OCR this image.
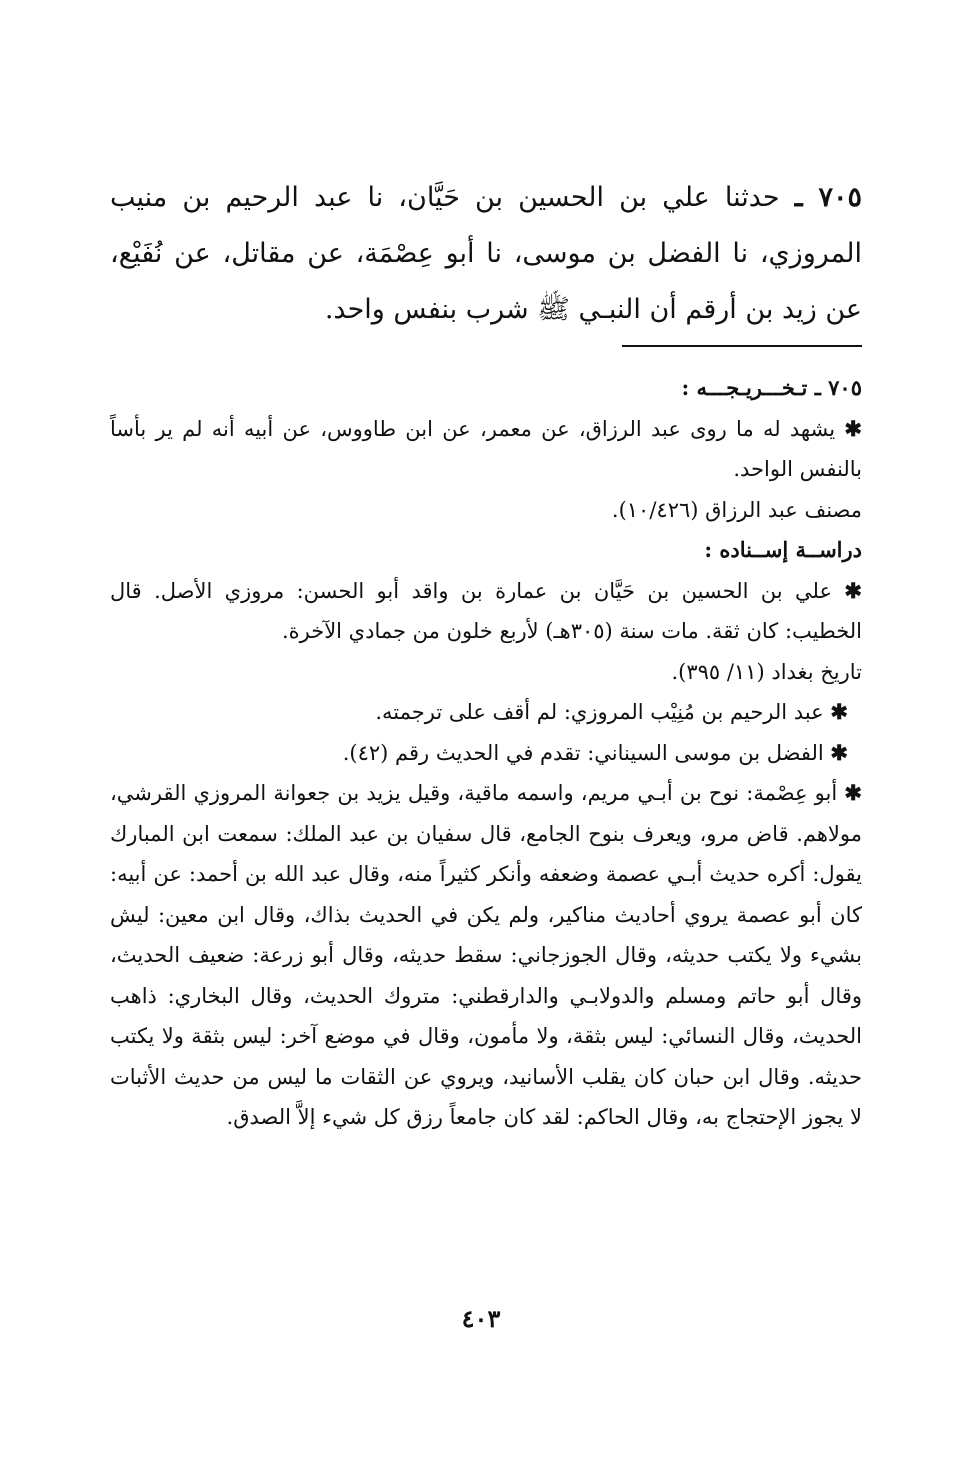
٧٠٥ ـ حدثنا علي بن الحسين بن حَيَّان، نا عبد الرحيم بن منيب المروزي، نا الفضل بن موسى، نا أبو عِصْمَة، عن مقاتل، عن نُفَيْع، عن زيد بن أرقم أن النبـي ﷺ شرب بنفس واحد.

٧٠٥ ـ تـخـــريـجـــه :

✱ يشهد له ما روى عبد الرزاق، عن معمر، عن ابن طاووس، عن أبيه أنه لم ير بأساً بالنفس الواحد.

مصنف عبد الرزاق (١٠/٤٢٦).

دراســة إســناده :

✱ علي بن الحسين بن حَيَّان بن عمارة بن واقد أبو الحسن: مروزي الأصل. قال الخطيب: كان ثقة. مات سنة (٣٠٥هـ) لأربع خلون من جمادي الآخرة.

تاريخ بغداد (١١/ ٣٩٥).

✱ عبد الرحيم بن مُنِيْب المروزي: لم أقف على ترجمته.

✱ الفضل بن موسى السيناني: تقدم في الحديث رقم (٤٢).

✱ أبو عِصْمة: نوح بن أبـي مريم، واسمه ماقية، وقيل يزيد بن جعوانة المروزي القرشي، مولاهم. قاض مرو، ويعرف بنوح الجامع، قال سفيان بن عبد الملك: سمعت ابن المبارك يقول: أكره حديث أبـي عصمة وضعفه وأنكر كثيراً منه، وقال عبد الله بن أحمد: عن أبيه: كان أبو عصمة يروي أحاديث مناكير، ولم يكن في الحديث بذاك، وقال ابن معين: ليش بشيء ولا يكتب حديثه، وقال الجوزجاني: سقط حديثه، وقال أبو زرعة: ضعيف الحديث، وقال أبو حاتم ومسلم والدولابـي والدارقطني: متروك الحديث، وقال البخاري: ذاهب الحديث، وقال النسائي: ليس بثقة، ولا مأمون، وقال في موضع آخر: ليس بثقة ولا يكتب حديثه. وقال ابن حبان كان يقلب الأسانيد، ويروي عن الثقات ما ليس من حديث الأثبات لا يجوز الإحتجاج به، وقال الحاكم: لقد كان جامعاً رزق كل شيء إلاَّ الصدق.

٤٠٣
